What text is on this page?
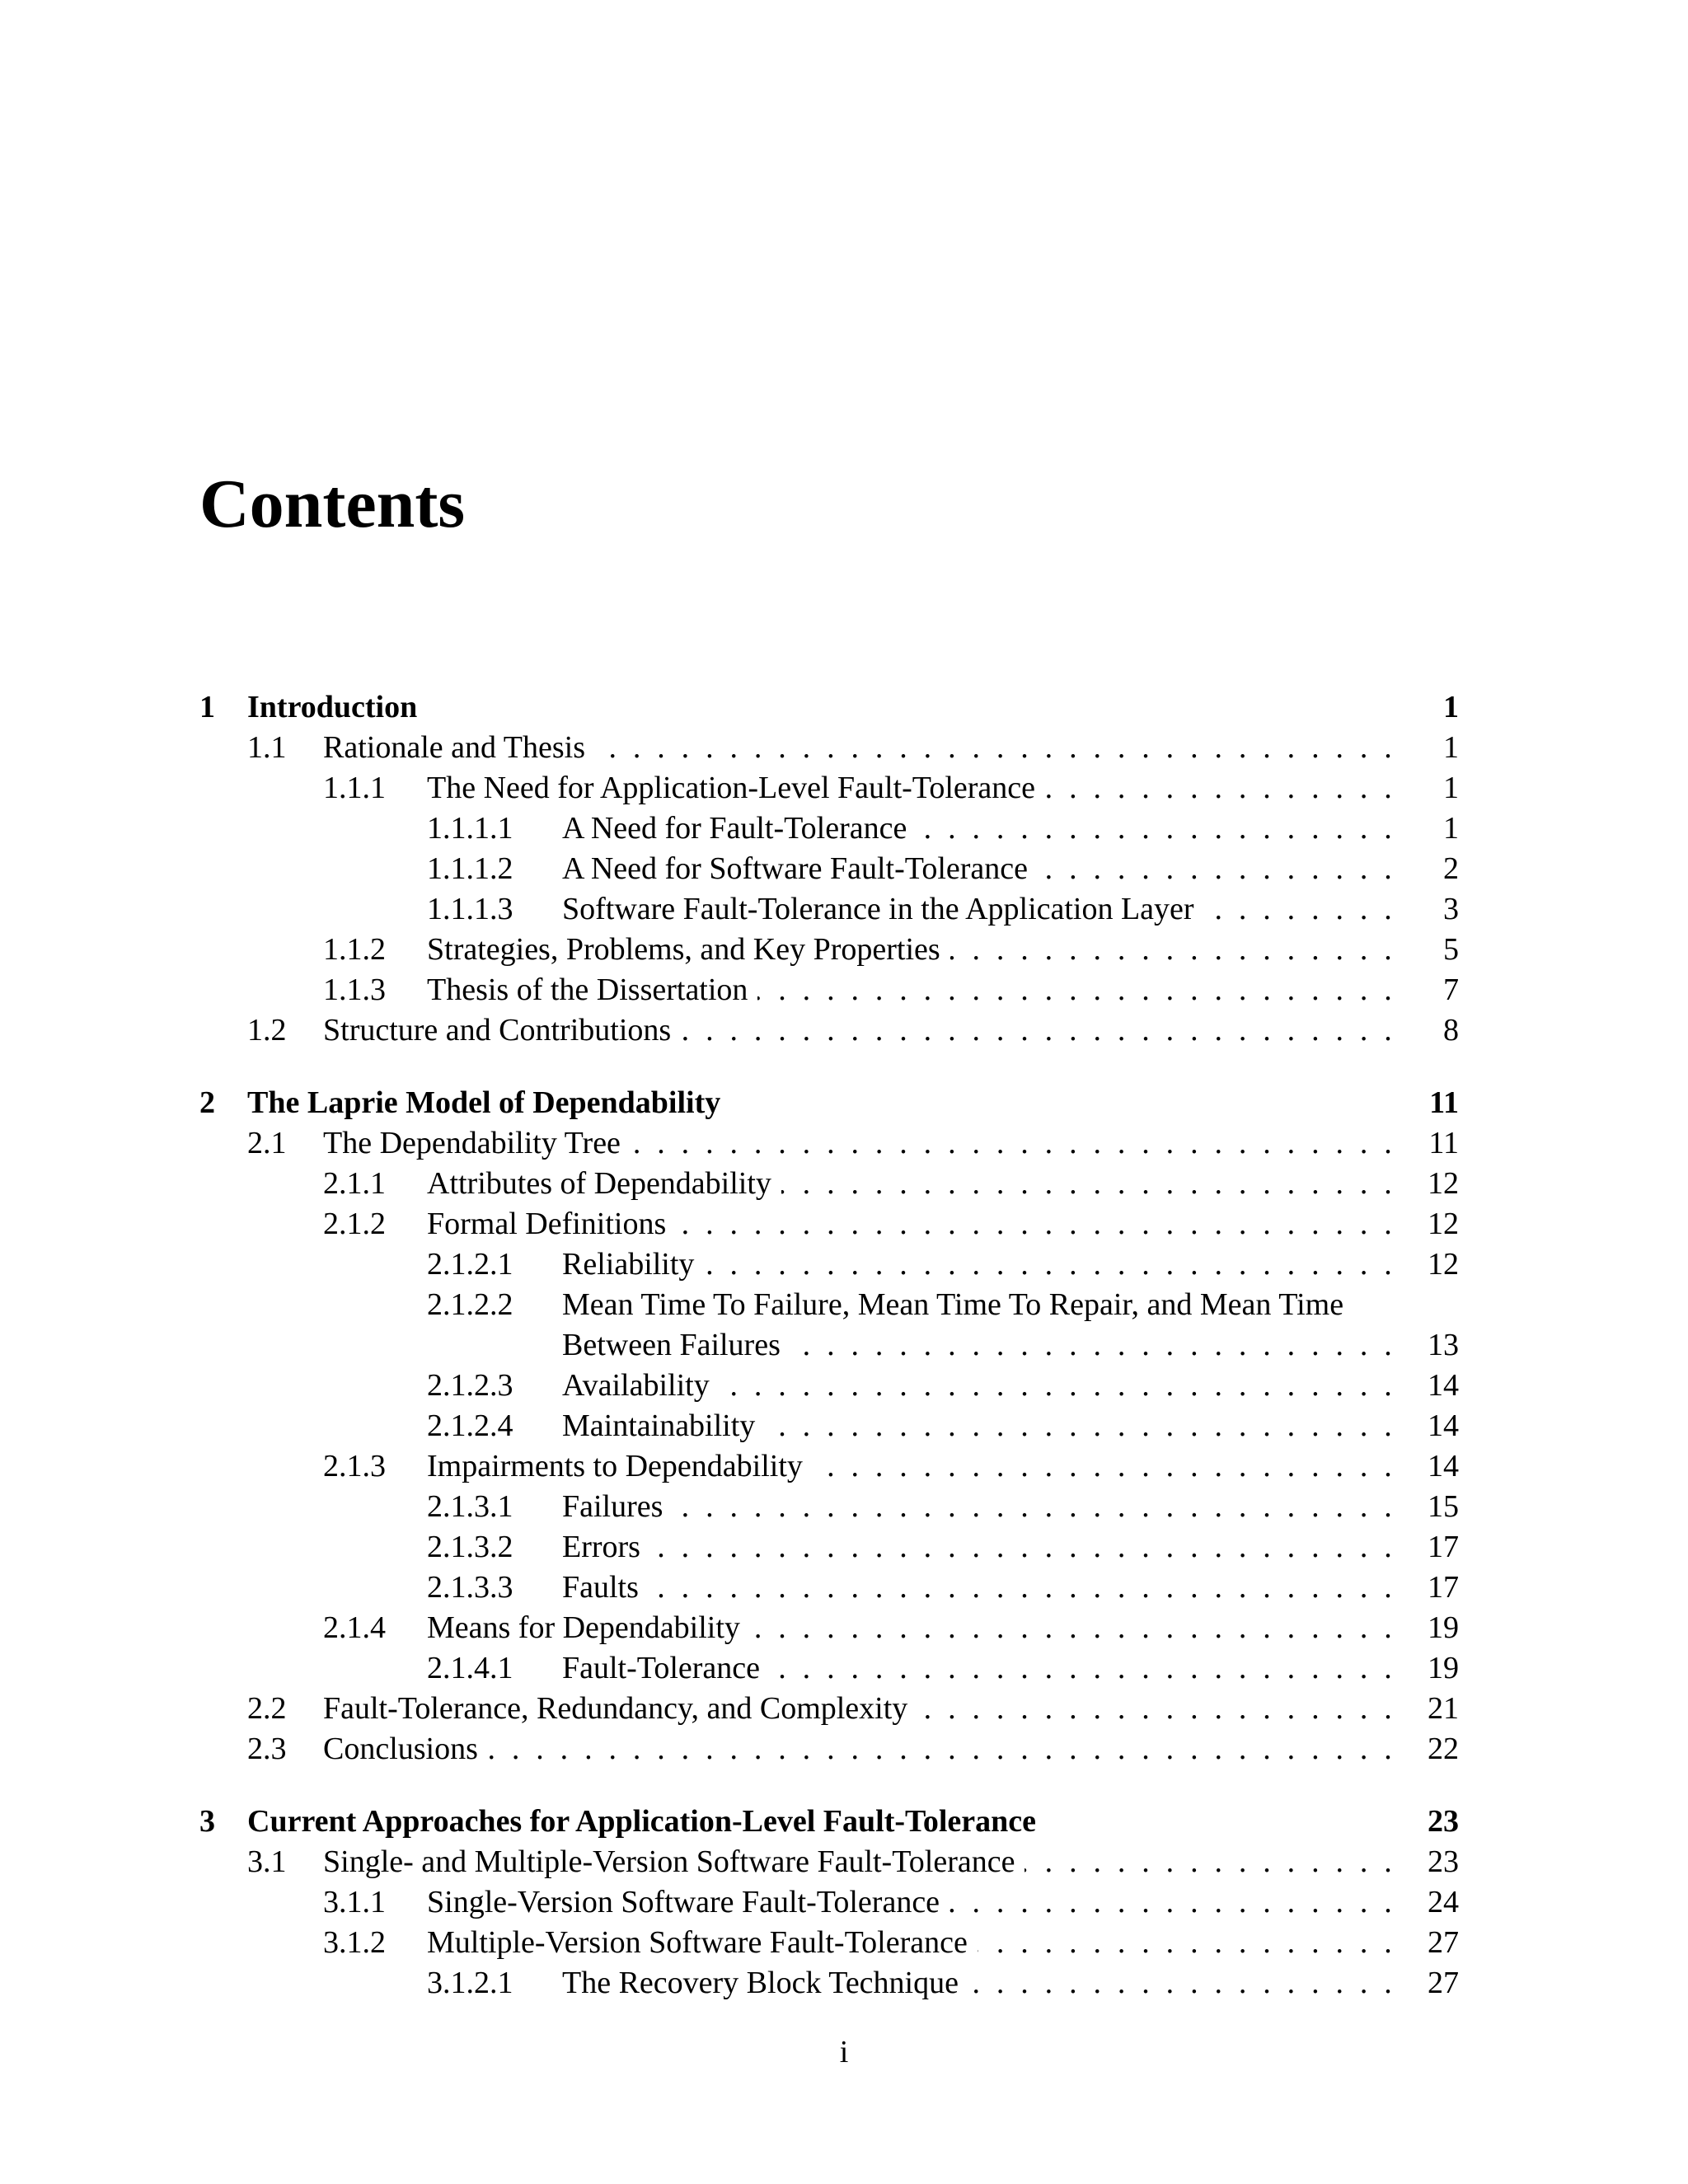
Contents
1 Introduction	1
1.1 Rationale and Thesis . . .	1
1.1.1 The Need for Application-Level Fault-Tolerance . . .	1
1.1.1.1 A Need for Fault-Tolerance . . .	1
1.1.1.2 A Need for Software Fault-Tolerance . . .	2
1.1.1.3 Software Fault-Tolerance in the Application Layer . . .	3
1.1.2 Strategies, Problems, and Key Properties . . .	5
1.1.3 Thesis of the Dissertation . . .	7
1.2 Structure and Contributions . . .	8
2 The Laprie Model of Dependability	11
2.1 The Dependability Tree . . .	11
2.1.1 Attributes of Dependability . . .	12
2.1.2 Formal Definitions . . .	12
2.1.2.1 Reliability . . .	12
2.1.2.2 Mean Time To Failure, Mean Time To Repair, and Mean Time
Between Failures . . .	13
2.1.2.3 Availability . . .	14
2.1.2.4 Maintainability . . .	14
2.1.3 Impairments to Dependability . . .	14
2.1.3.1 Failures . . .	15
2.1.3.2 Errors . . .	17
2.1.3.3 Faults . . .	17
2.1.4 Means for Dependability . . .	19
2.1.4.1 Fault-Tolerance . . .	19
2.2 Fault-Tolerance, Redundancy, and Complexity . . .	21
2.3 Conclusions . . .	22
3 Current Approaches for Application-Level Fault-Tolerance	23
3.1 Single- and Multiple-Version Software Fault-Tolerance . . .	23
3.1.1 Single-Version Software Fault-Tolerance . . .	24
3.1.2 Multiple-Version Software Fault-Tolerance . . .	27
3.1.2.1 The Recovery Block Technique . . .	27
i
